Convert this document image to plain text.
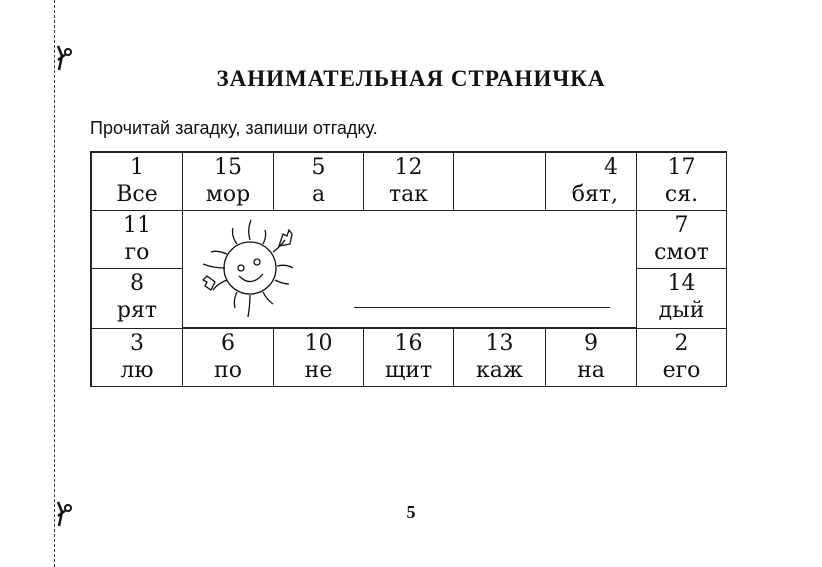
ЗАНИМАТЕЛЬНАЯ СТРАНИЧКА
Прочитай загадку, запиши отгадку.
1
Все
3
лю
15
мор
6
по
5
а
10
не
12
так
16
щит
13
каж
4
бят,
9
на
17
ся.
2
его
11
го
7
смот
8
рят
14
дый
5
